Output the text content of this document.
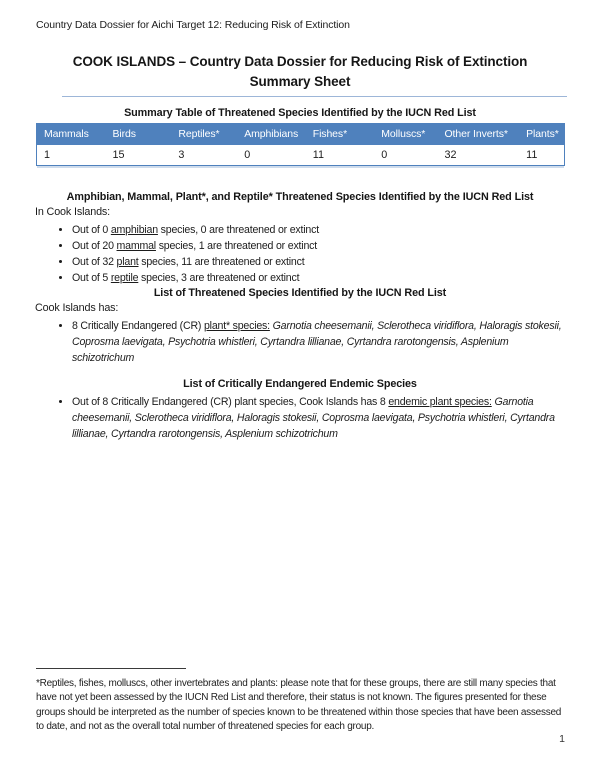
Country Data Dossier for Aichi Target 12: Reducing Risk of Extinction
COOK ISLANDS – Country Data Dossier for Reducing Risk of Extinction
Summary Sheet
Summary Table of Threatened Species Identified by the IUCN Red List
Mammals	Birds	Reptiles*	Amphibians	Fishes*	Molluscs*	Other Inverts*	Plants*
1	15	3	0	11	0	32	11
Amphibian, Mammal, Plant*, and Reptile* Threatened Species Identified by the IUCN Red List
In Cook Islands:
• Out of 0 amphibian species, 0 are threatened or extinct
• Out of 20 mammal species, 1 are threatened or extinct
• Out of 32 plant species, 11 are threatened or extinct
• Out of 5 reptile species, 3 are threatened or extinct
List of Threatened Species Identified by the IUCN Red List
Cook Islands has:
• 8 Critically Endangered (CR) plant* species: Garnotia cheesemanii, Sclerotheca viridiflora, Haloragis stokesii, Coprosma laevigata, Psychotria whistleri, Cyrtandra lillianae, Cyrtandra rarotongensis, Asplenium schizotrichum
List of Critically Endangered Endemic Species
• Out of 8 Critically Endangered (CR) plant species, Cook Islands has 8 endemic plant species: Garnotia cheesemanii, Sclerotheca viridiflora, Haloragis stokesii, Coprosma laevigata, Psychotria whistleri, Cyrtandra lillianae, Cyrtandra rarotongensis, Asplenium schizotrichum
*Reptiles, fishes, molluscs, other invertebrates and plants: please note that for these groups, there are still many species that have not yet been assessed by the IUCN Red List and therefore, their status is not known. The figures presented for these groups should be interpreted as the number of species known to be threatened within those species that have been assessed to date, and not as the overall total number of threatened species for each group.
1
